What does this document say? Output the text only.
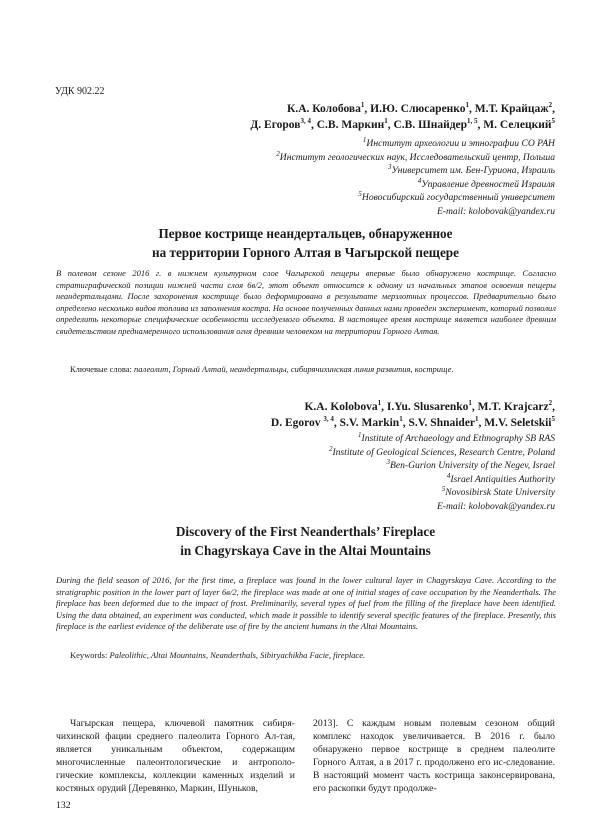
УДК 902.22
К.А. Колобова$^1$, И.Ю. Слюсаренко$^1$, М.Т. Крайцаж$^2$,
Д. Егоров$^{3, 4}$, С.В. Маркин$^1$, С.В. Шнайдер$^{1, 5}$, М. Селецкий$^5$
$^1$Институт археологии и этнографии СО РАН
$^2$Институт геологических наук, Исследовательский центр, Польша
$^3$Университет им. Бен-Гуриона, Израиль
$^4$Управление древностей Израиля
$^5$Новосибирский государственный университет
E-mail: kolobovak@yandex.ru
Первое кострище неандертальцев, обнаруженное
на территории Горного Алтая в Чагырской пещере
В полевом сезоне 2016 г. в нижнем культурном слое Чагырской пещеры впервые было обнаружено кострище. Согласно стратиграфической позиции нижней части слоя 6в/2, этот объект относится к одному из начальных этапов освоения пещеры неандертальцами. После захоронения кострище было деформировано в результате мерзлотных процессов. Предварительно было определено несколько видов топлива из заполнения костра. На основе полученных данных нами проведен эксперимент, который позволил определить некоторые специфические особенности исследуемого объекта. В настоящее время кострище является наиболее древним свидетельством преднамеренного использования огня древним человеком на территории Горного Алтая.
Ключевые слова: палеолит, Горный Алтай, неандертальцы, сибирячихинская линия развития, кострище.
K.A. Kolobova$^1$, I.Yu. Slusarenko$^1$, M.T. Krajcarz$^2$,
D. Egorov $^{3, 4}$, S.V. Markin$^1$, S.V. Shnaider$^1$, M.V. Seletskii$^5$
$^1$Institute of Archaeology and Ethnography SB RAS
$^2$Institute of Geological Sciences, Research Centre, Poland
$^3$Ben-Gurion University of the Negev, Israel
$^4$Israel Antiquities Authority
$^5$Novosibirsk State University
E-mail: kolobovak@yandex.ru
Discovery of the First Neanderthals’ Fireplace
in Chagyrskaya Cave in the Altai Mountains
During the field season of 2016, for the first time, a fireplace was found in the lower cultural layer in Chagyrskaya Cave. According to the stratigraphic position in the lower part of layer 6в/2, the fireplace was made at one of initial stages of cave occupation by the Neanderthals. The fireplace has been deformed due to the impact of frost. Preliminarily, several types of fuel from the filling of the fireplace have been identified. Using the data obtained, an experiment was conducted, which made it possible to identify several specific features of the fireplace. Presently, this fireplace is the earliest evidence of the deliberate use of fire by the ancient humans in the Altai Mountains.
Keywords: Paleolithic, Altai Mountains, Neanderthals, Sibiryachikha Facie, fireplace.
Чагырская пещера, ключевой памятник сибиря-чихинской фации среднего палеолита Горного Ал-тая, является уникальным объектом, содержащим многочисленные палеонтологические и антрополо-гические комплексы, коллекции каменных изделий и костяных орудий [Деревянко, Маркин, Шуньков,
2013]. С каждым новым полевым сезоном общий комплекс находок увеличивается. В 2016 г. было обнаружено первое кострище в среднем палеолите Горного Алтая, а в 2017 г. продолжено его ис-следование. В настоящий момент часть кострища законсервирована, его раскопки будут продолже-
132
